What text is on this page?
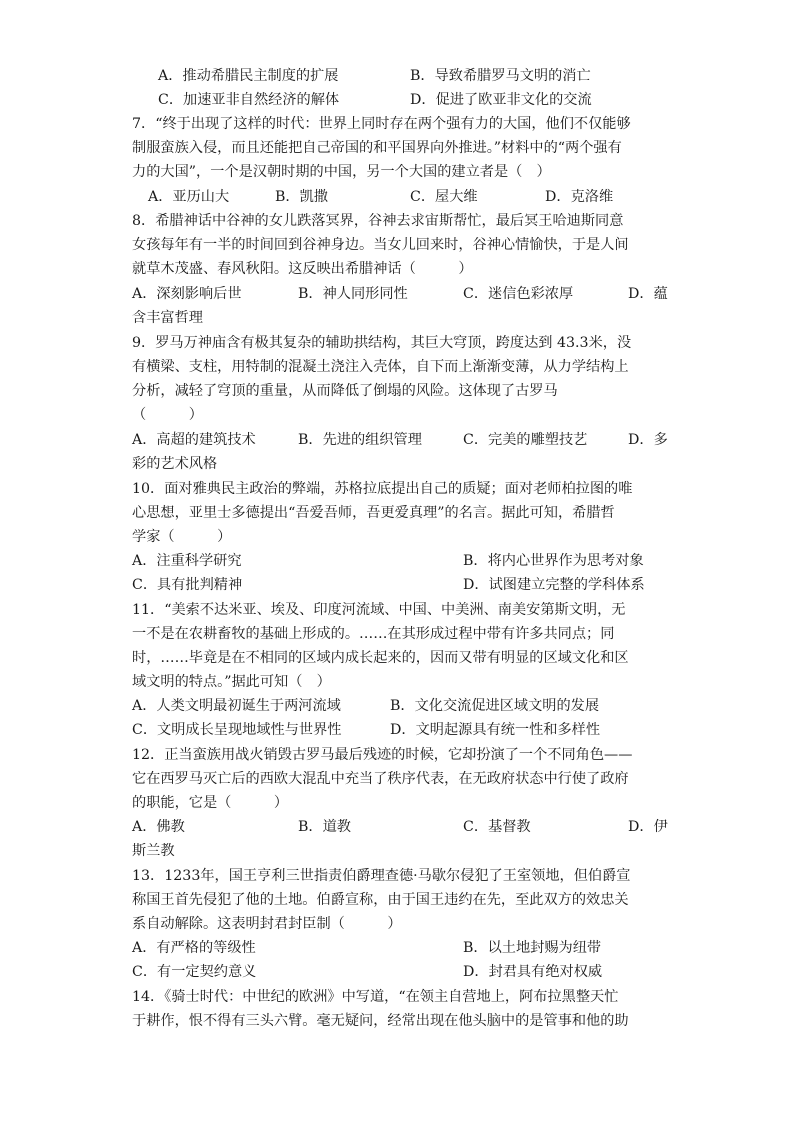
A．推动希腊民主制度的扩展	B．导致希腊罗马文明的消亡
C．加速亚非自然经济的解体	D．促进了欧亚非文化的交流
7．“终于出现了这样的时代：世界上同时存在两个强有力的大国，他们不仅能够
制服蛮族入侵，而且还能把自己帝国的和平国界向外推进。”材料中的“两个强有
力的大国”，一个是汉朝时期的中国，另一个大国的建立者是（　）
A．亚历山大	B．凯撒	C．屋大维	D．克洛维
8．希腊神话中谷神的女儿跌落冥界，谷神去求宙斯帮忙，最后冥王哈迪斯同意
女孩每年有一半的时间回到谷神身边。当女儿回来时，谷神心情愉快，于是人间
就草木茂盛、春风秋阳。这反映出希腊神话（　　　）
A．深刻影响后世	B．神人同形同性	C．迷信色彩浓厚	D．蕴
含丰富哲理
9．罗马万神庙含有极其复杂的辅助拱结构，其巨大穹顶，跨度达到 43.3米，没
有横梁、支柱，用特制的混凝土浇注入壳体，自下而上渐渐变薄，从力学结构上
分析，减轻了穹顶的重量，从而降低了倒塌的风险。这体现了古罗马
（　　　）
A．高超的建筑技术	B．先进的组织管理	C．完美的雕塑技艺	D．多
彩的艺术风格
10．面对雅典民主政治的弊端，苏格拉底提出自己的质疑；面对老师柏拉图的唯
心思想，亚里士多德提出“吾爱吾师，吾更爱真理”的名言。据此可知，希腊哲
学家（　　　）
A．注重科学研究	B．将内心世界作为思考对象
C．具有批判精神	D．试图建立完整的学科体系
11．“美索不达米亚、埃及、印度河流域、中国、中美洲、南美安第斯文明，无
一不是在农耕畜牧的基础上形成的。……在其形成过程中带有许多共同点；同
时，……毕竟是在不相同的区域内成长起来的，因而又带有明显的区域文化和区
域文明的特点。”据此可知（　）
A．人类文明最初诞生于两河流域	B．文化交流促进区域文明的发展
C．文明成长呈现地域性与世界性	D．文明起源具有统一性和多样性
12．正当蛮族用战火销毁古罗马最后残迹的时候，它却扮演了一个不同角色——
它在西罗马灭亡后的西欧大混乱中充当了秩序代表，在无政府状态中行使了政府
的职能，它是（　　　）
A．佛教	B．道教	C．基督教	D．伊
斯兰教
13．1233年，国王亨利三世指责伯爵理查德·马歇尔侵犯了王室领地，但伯爵宣
称国王首先侵犯了他的土地。伯爵宣称，由于国王违约在先，至此双方的效忠关
系自动解除。这表明封君封臣制（　　　）
A．有严格的等级性	B．以土地封赐为纽带
C．有一定契约意义	D．封君具有绝对权威
14．《骑士时代：中世纪的欧洲》中写道，“在领主自营地上，阿布拉黑整天忙
于耕作，恨不得有三头六臂。毫无疑问，经常出现在他头脑中的是管事和他的助
